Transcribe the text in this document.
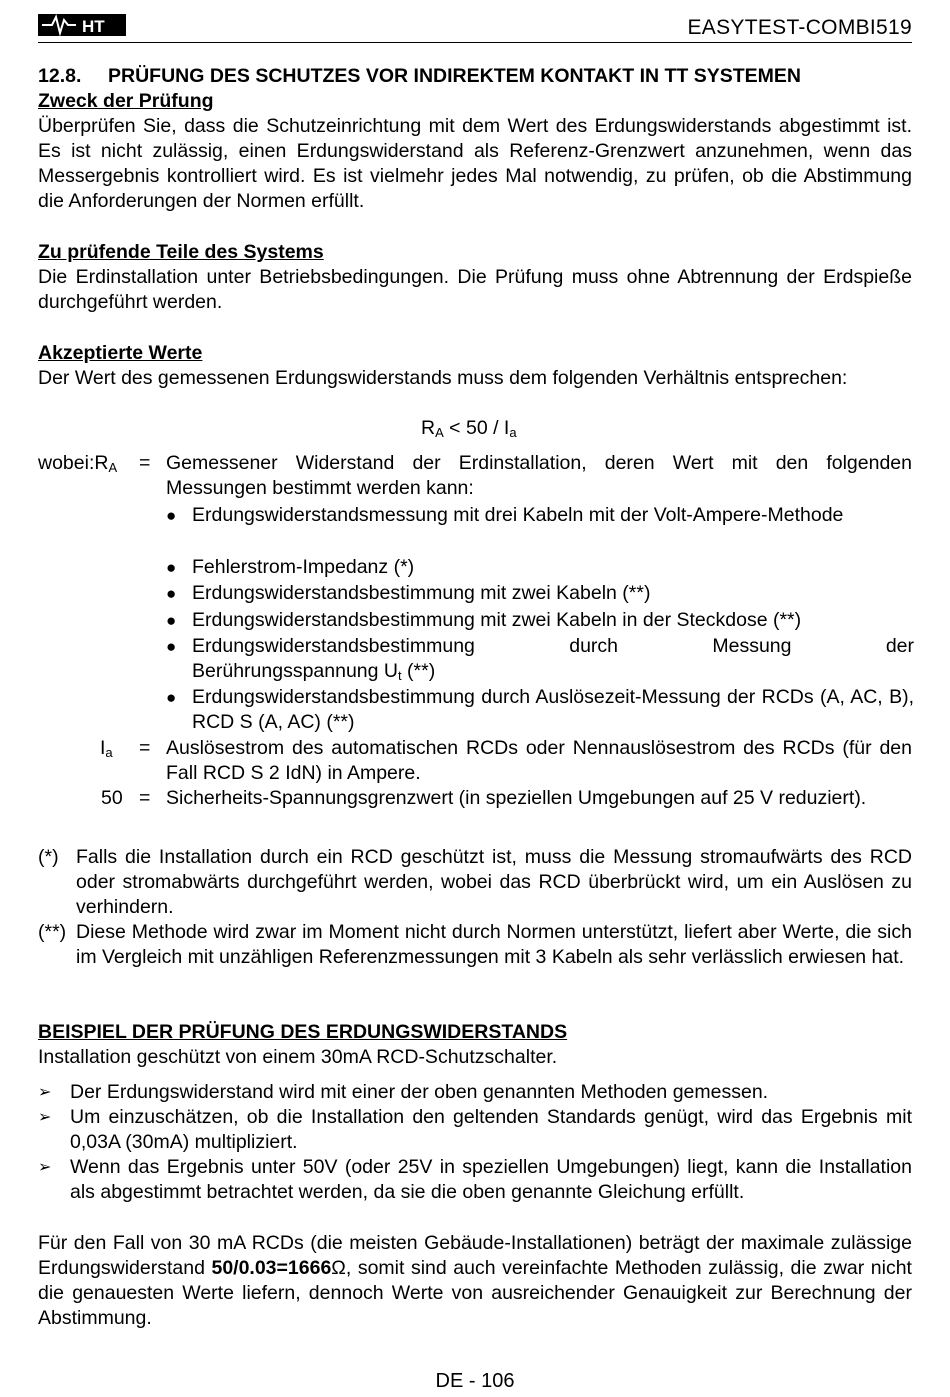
HT	EASYTEST-COMBI519
12.8. PRÜFUNG DES SCHUTZES VOR INDIREKTEM KONTAKT IN TT SYSTEMEN
Zweck der Prüfung
Überprüfen Sie, dass die Schutzeinrichtung mit dem Wert des Erdungswiderstands abgestimmt ist. Es ist nicht zulässig, einen Erdungswiderstand als Referenz-Grenzwert anzunehmen, wenn das Messergebnis kontrolliert wird. Es ist vielmehr jedes Mal notwendig, zu prüfen, ob die Abstimmung die Anforderungen der Normen erfüllt.
Zu prüfende Teile des Systems
Die Erdinstallation unter Betriebsbedingungen. Die Prüfung muss ohne Abtrennung der Erdspieße durchgeführt werden.
Akzeptierte Werte
Der Wert des gemessenen Erdungswiderstands muss dem folgenden Verhältnis entsprechen:
$R_A < 50 / I_a$
$wobei:R_A$ = Gemessener Widerstand der Erdinstallation, deren Wert mit den folgenden Messungen bestimmt werden kann:
● Erdungswiderstandsmessung mit drei Kabeln mit der Volt-Ampere-Methode
● Fehlerstrom-Impedanz (*)
● Erdungswiderstandsbestimmung mit zwei Kabeln (**)
● Erdungswiderstandsbestimmung mit zwei Kabeln in der Steckdose (**)
● Erdungswiderstandsbestimmung durch Messung der
Berührungsspannung $U_t$ (**)
● Erdungswiderstandsbestimmung durch Auslösezeit-Messung der RCDs (A, AC, B), RCD S (A, AC) (**)
$I_a$ = Auslösestrom des automatischen RCDs oder Nennauslösestrom des RCDs (für den Fall RCD S 2 IdN) in Ampere.
50 = Sicherheits-Spannungsgrenzwert (in speziellen Umgebungen auf 25 V reduziert).
(*) Falls die Installation durch ein RCD geschützt ist, muss die Messung stromaufwärts des RCD oder stromabwärts durchgeführt werden, wobei das RCD überbrückt wird, um ein Auslösen zu verhindern.
(**) Diese Methode wird zwar im Moment nicht durch Normen unterstützt, liefert aber Werte, die sich im Vergleich mit unzähligen Referenzmessungen mit 3 Kabeln als sehr verlässlich erwiesen hat.
BEISPIEL DER PRÜFUNG DES ERDUNGSWIDERSTANDS
Installation geschützt von einem 30mA RCD-Schutzschalter.
➢ Der Erdungswiderstand wird mit einer der oben genannten Methoden gemessen.
➢ Um einzuschätzen, ob die Installation den geltenden Standards genügt, wird das Ergebnis mit 0,03A (30mA) multipliziert.
➢ Wenn das Ergebnis unter 50V (oder 25V in speziellen Umgebungen) liegt, kann die Installation als abgestimmt betrachtet werden, da sie die oben genannte Gleichung erfüllt.
Für den Fall von 30 mA RCDs (die meisten Gebäude-Installationen) beträgt der maximale zulässige Erdungswiderstand 50/0.03=1666Ω, somit sind auch vereinfachte Methoden zulässig, die zwar nicht die genauesten Werte liefern, dennoch Werte von ausreichender Genauigkeit zur Berechnung der Abstimmung.
DE - 106
